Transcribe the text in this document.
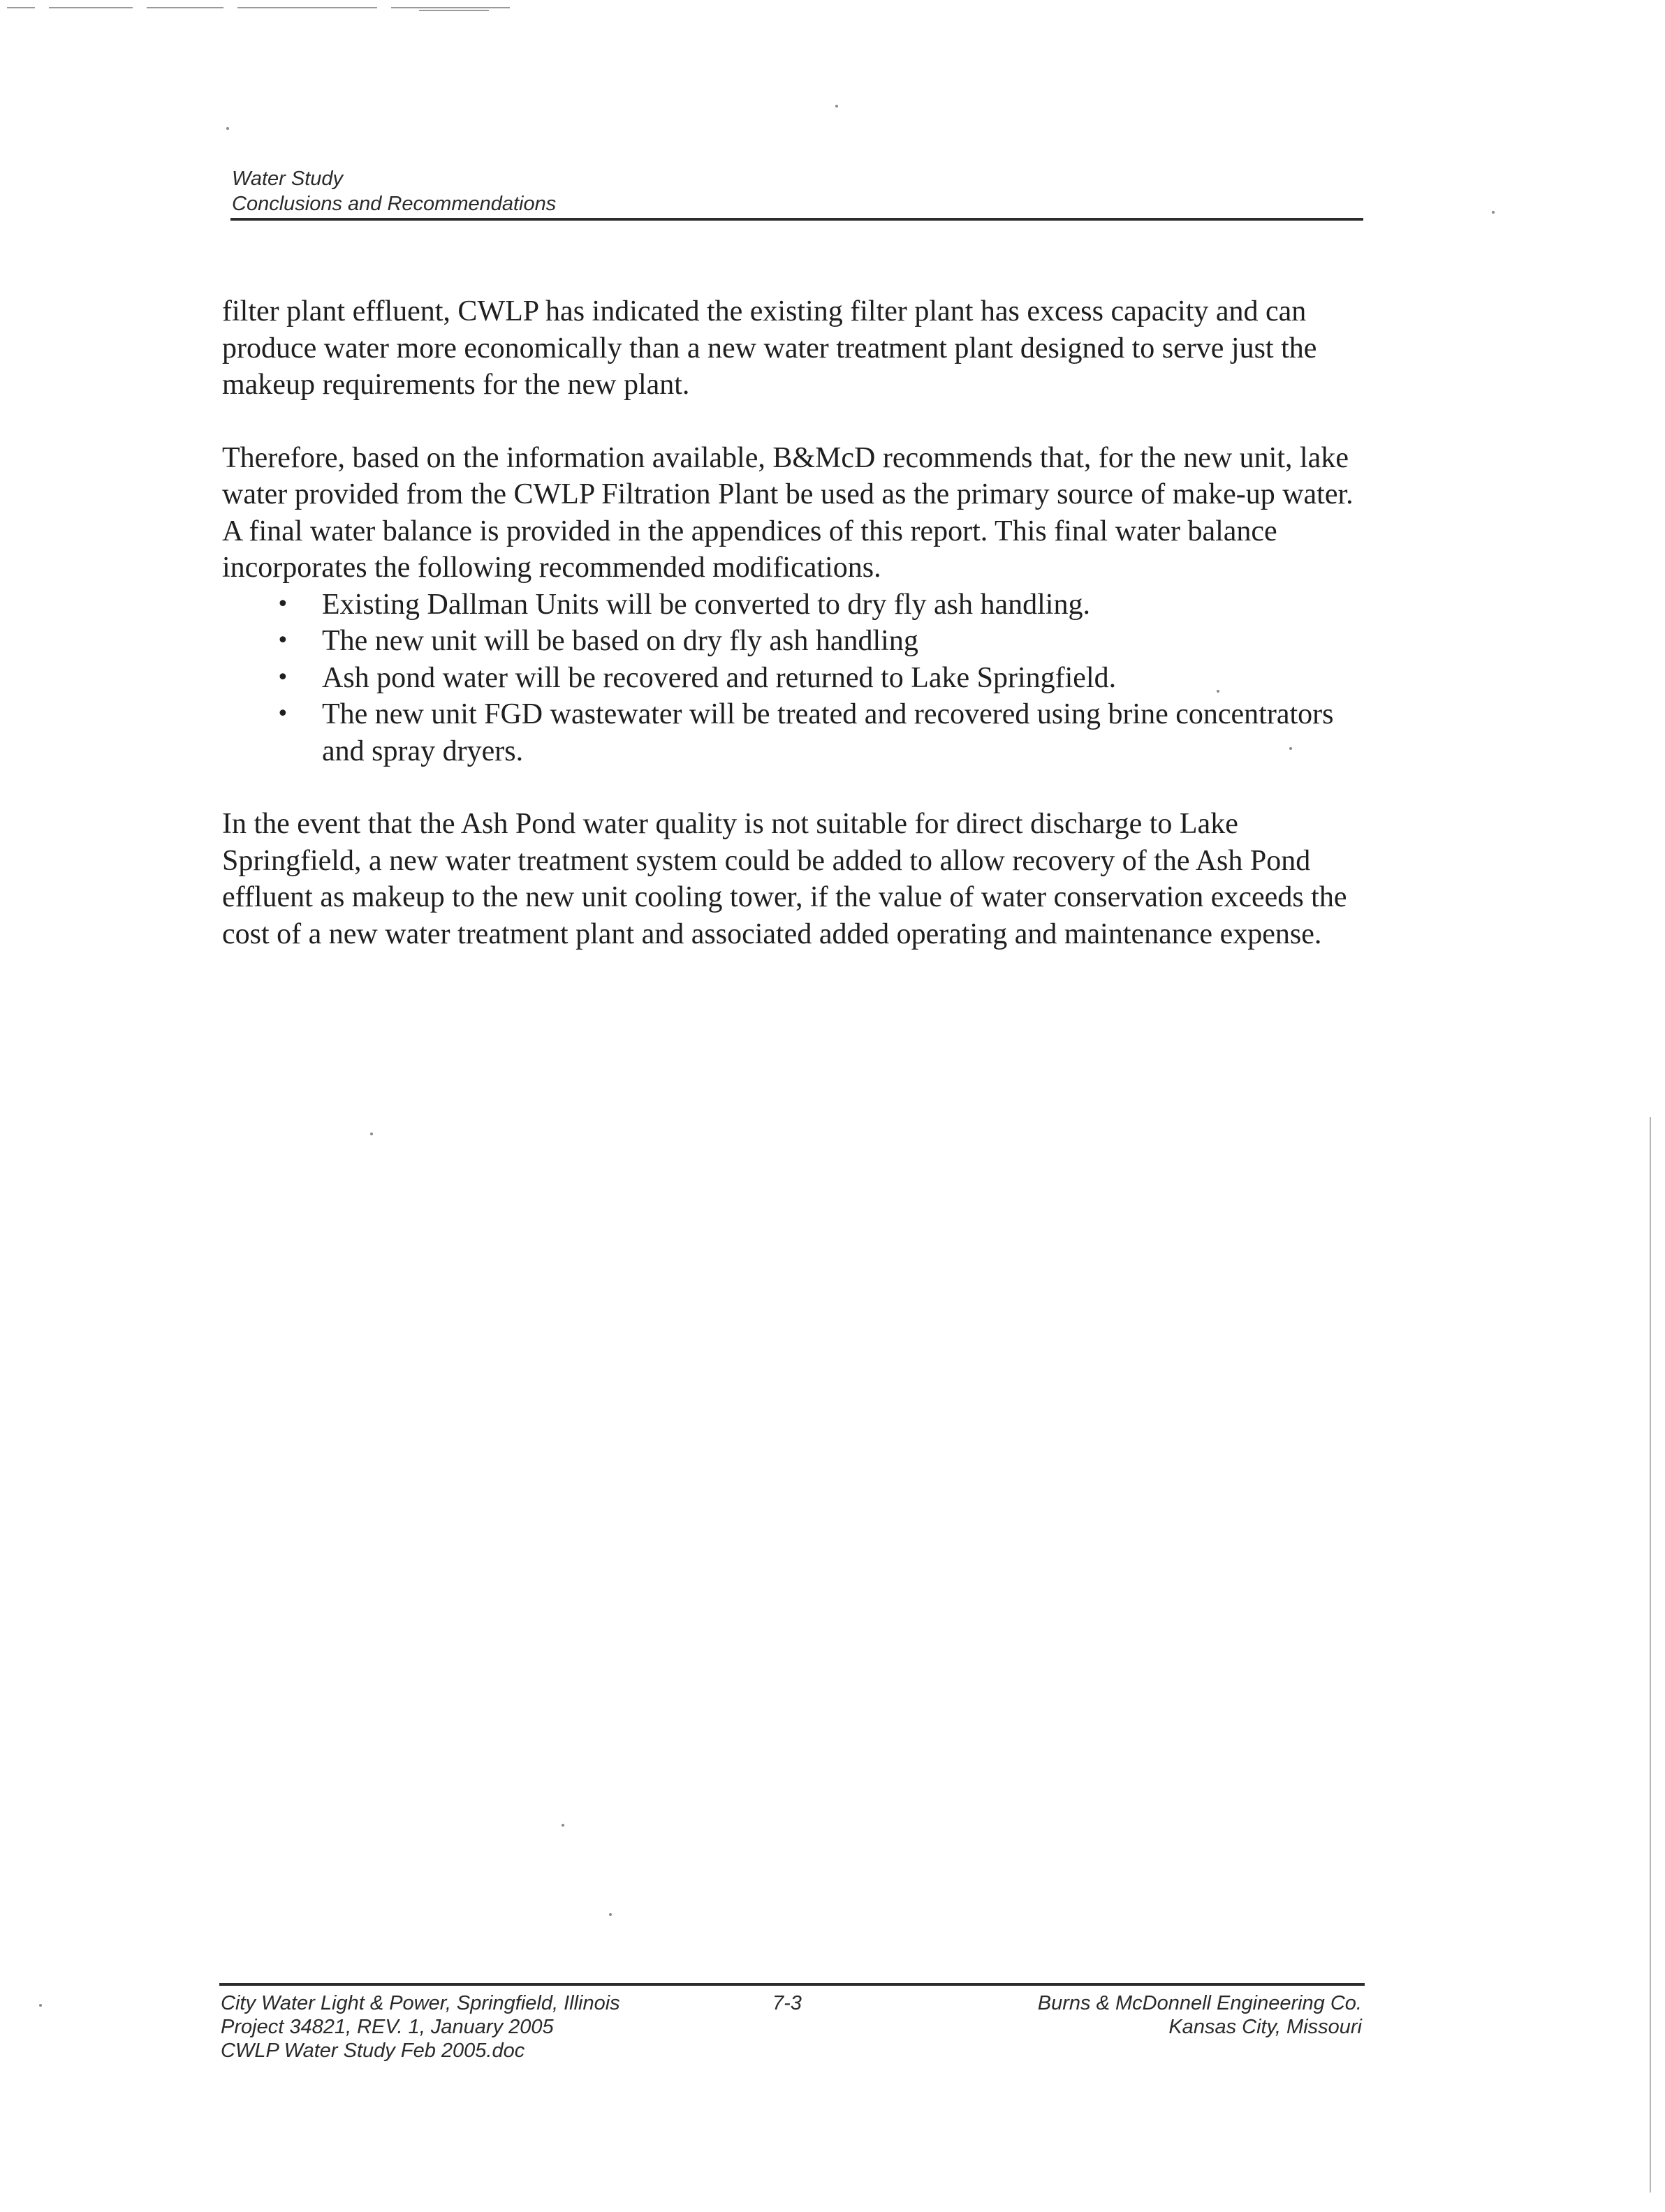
Water Study
Conclusions and Recommendations

filter plant effluent, CWLP has indicated the existing filter plant has excess capacity and can produce water more economically than a new water treatment plant designed to serve just the makeup requirements for the new plant.

Therefore, based on the information available, B&McD recommends that, for the new unit, lake water provided from the CWLP Filtration Plant be used as the primary source of make-up water. A final water balance is provided in the appendices of this report. This final water balance incorporates the following recommended modifications.

• Existing Dallman Units will be converted to dry fly ash handling.
• The new unit will be based on dry fly ash handling
• Ash pond water will be recovered and returned to Lake Springfield.
• The new unit FGD wastewater will be treated and recovered using brine concentrators and spray dryers.

In the event that the Ash Pond water quality is not suitable for direct discharge to Lake Springfield, a new water treatment system could be added to allow recovery of the Ash Pond effluent as makeup to the new unit cooling tower, if the value of water conservation exceeds the cost of a new water treatment plant and associated added operating and maintenance expense.

City Water Light & Power, Springfield, Illinois
Project 34821, REV. 1, January 2005
CWLP Water Study Feb 2005.doc
7-3	Burns & McDonnell Engineering Co.
Kansas City, Missouri
